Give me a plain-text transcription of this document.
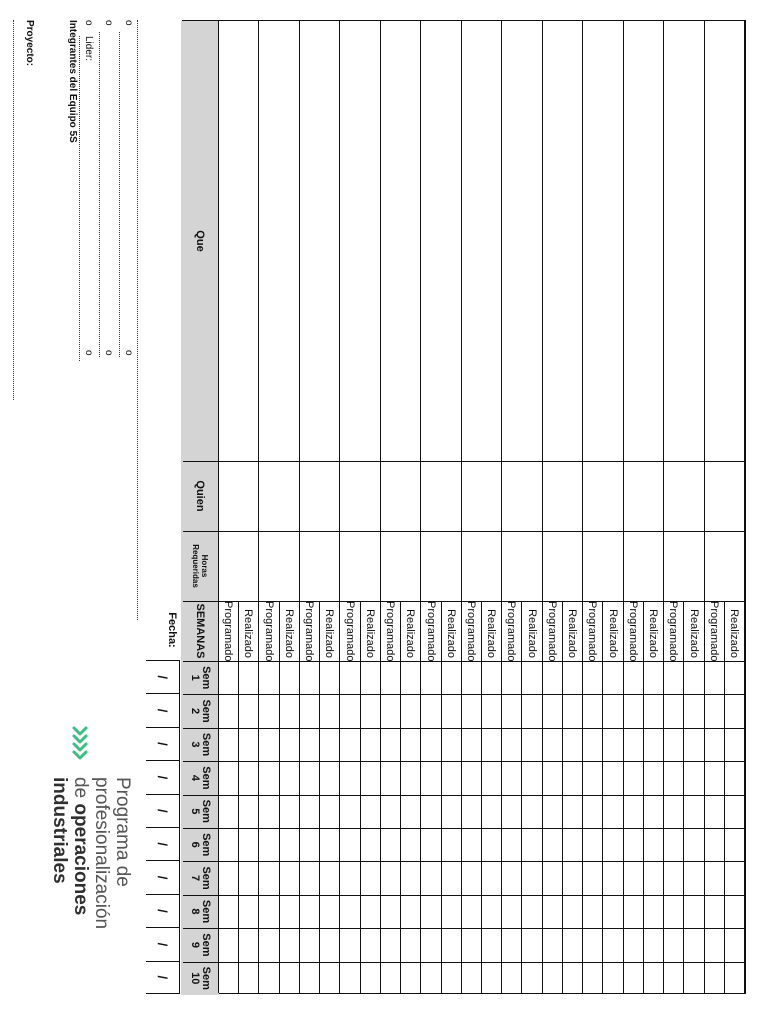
Proyecto:	Integrantes del Equipo 5S o
Lider:
o
o
o
o
o
Programa de
profesionalización
de operaciones
industriales
Fecha:
Que
Quien
Horas
Requeridas
SEMANAS
Sem
1
Sem
2
Sem
3
Sem
4
Sem
5
Sem
6
Sem
7
Sem
8
Sem
9
Sem
10
Programado Realizado Programado Realizado Programado Realizado Programado Realizado Programado Realizado Programado Realizado Programado Realizado Programado Realizado Programado Realizado Programado Realizado Programado Realizado Programado Realizado Programado Realizado
/
/
/
/
/
/
/
/
/
/
